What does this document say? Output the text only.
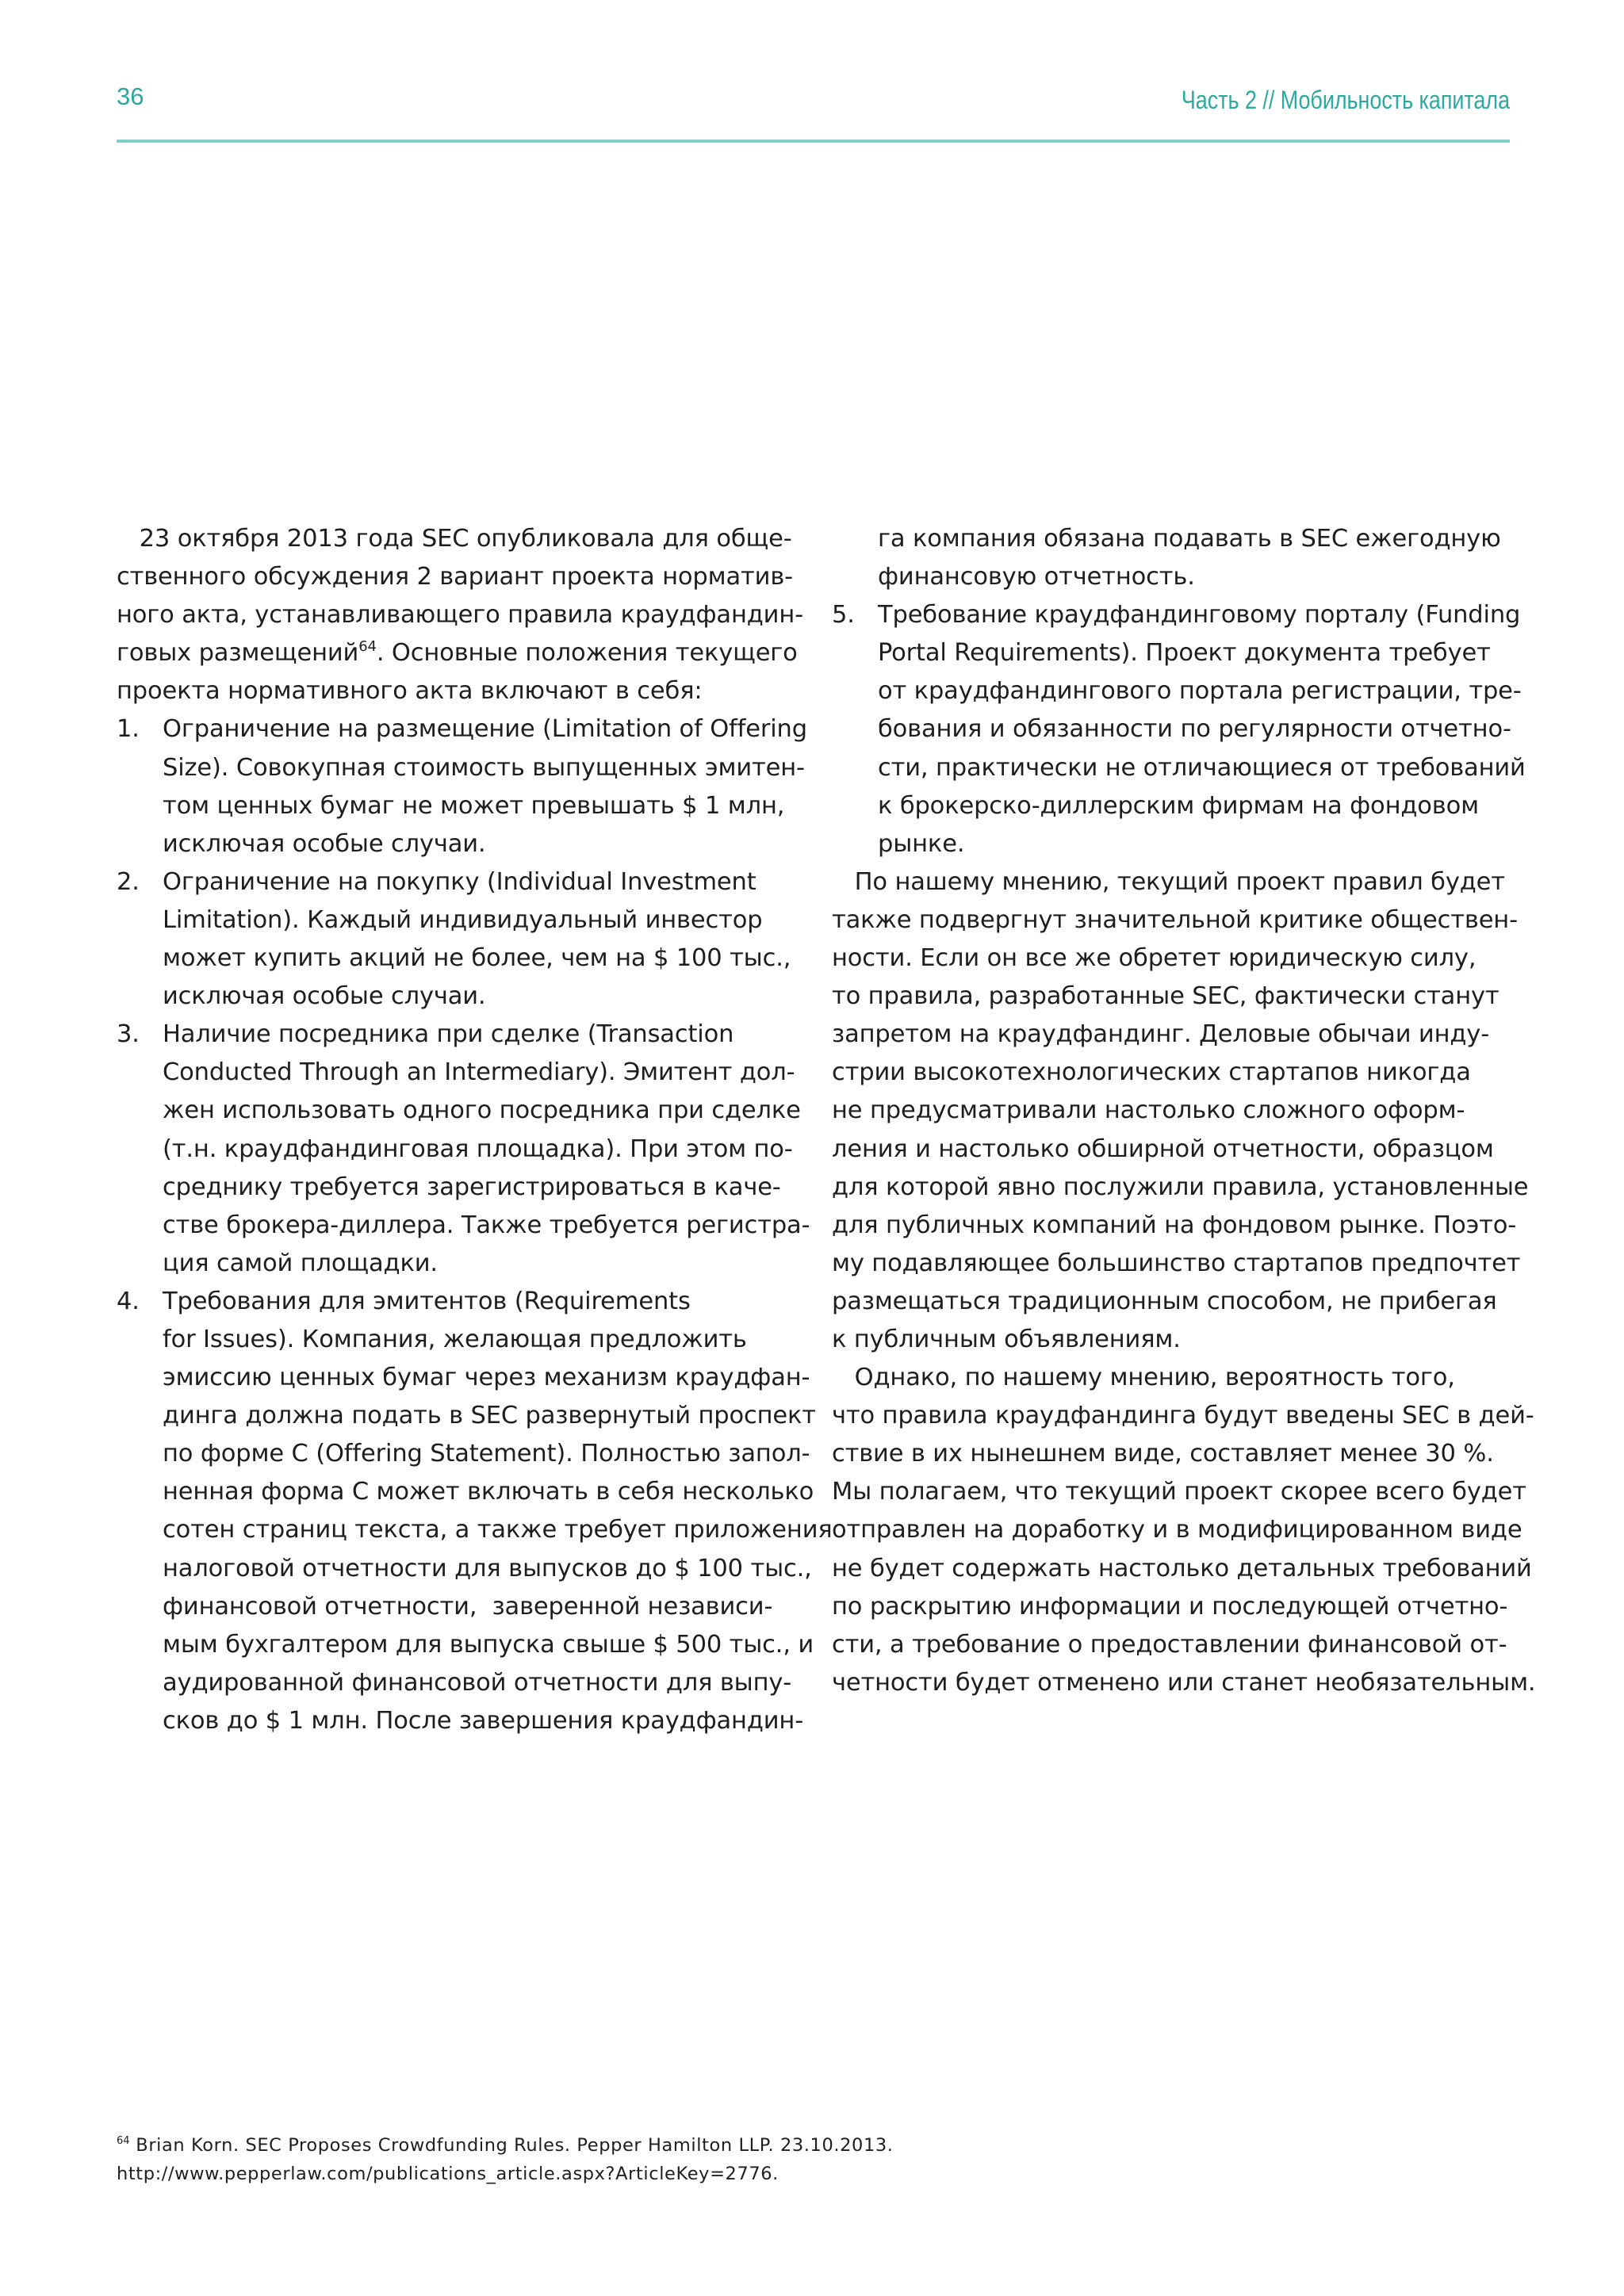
36	Часть 2 // Мобильность капитала
23 октября 2013 года SEC опубликовала для обще-
ственного обсуждения 2 вариант проекта норматив-
ного акта, устанавливающего правила краудфандин-
говых размещений$^{64}$. Основные положения текущего
проекта нормативного акта включают в себя:
1. Ограничение на размещение (Limitation of Offering
Size). Совокупная стоимость выпущенных эмитен-
том ценных бумаг не может превышать $ 1 млн,
исключая особые случаи.
2. Ограничение на покупку (Individual Investment
Limitation). Каждый индивидуальный инвестор
может купить акций не более, чем на $ 100 тыс.,
исключая особые случаи.
3. Наличие посредника при сделке (Transaction
Conducted Through an Intermediary). Эмитент дол-
жен использовать одного посредника при сделке
(т.н. краудфандинговая площадка). При этом по-
среднику требуется зарегистрироваться в каче-
стве брокера-диллера. Также требуется регистра-
ция самой площадки.
4. Требования для эмитентов (Requirements
for Issues). Компания, желающая предложить
эмиссию ценных бумаг через механизм краудфан-
динга должна подать в SEC развернутый проспект
по форме C (Offering Statement). Полностью запол-
ненная форма C может включать в себя несколько
сотен страниц текста, а также требует приложения
налоговой отчетности для выпусков до $ 100 тыс.,
финансовой отчетности,  заверенной независи-
мым бухгалтером для выпуска свыше $ 500 тыс., и
аудированной финансовой отчетности для выпу-
сков до $ 1 млн. После завершения краудфандин-
га компания обязана подавать в SEC ежегодную
финансовую отчетность.
5. Требование краудфандинговому порталу (Funding
Portal Requirements). Проект документа требует
от краудфандингового портала регистрации, тре-
бования и обязанности по регулярности отчетно-
сти, практически не отличающиеся от требований
к брокерско-диллерским фирмам на фондовом
рынке.
По нашему мнению, текущий проект правил будет
также подвергнут значительной критике обществен-
ности. Если он все же обретет юридическую силу,
то правила, разработанные SEC, фактически станут
запретом на краудфандинг. Деловые обычаи инду-
стрии высокотехнологических стартапов никогда
не предусматривали настолько сложного оформ-
ления и настолько обширной отчетности, образцом
для которой явно послужили правила, установленные
для публичных компаний на фондовом рынке. Поэто-
му подавляющее большинство стартапов предпочтет
размещаться традиционным способом, не прибегая
к публичным объявлениям.
Однако, по нашему мнению, вероятность того,
что правила краудфандинга будут введены SEC в дей-
ствие в их нынешнем виде, составляет менее 30 %.
Мы полагаем, что текущий проект скорее всего будет
отправлен на доработку и в модифицированном виде
не будет содержать настолько детальных требований
по раскрытию информации и последующей отчетно-
сти, а требование о предоставлении финансовой от-
четности будет отменено или станет необязательным.
$^{64}$ Brian Korn. SEC Proposes Crowdfunding Rules. Pepper Hamilton LLP. 23.10.2013.
http://www.pepperlaw.com/publications_article.aspx?ArticleKey=2776.
